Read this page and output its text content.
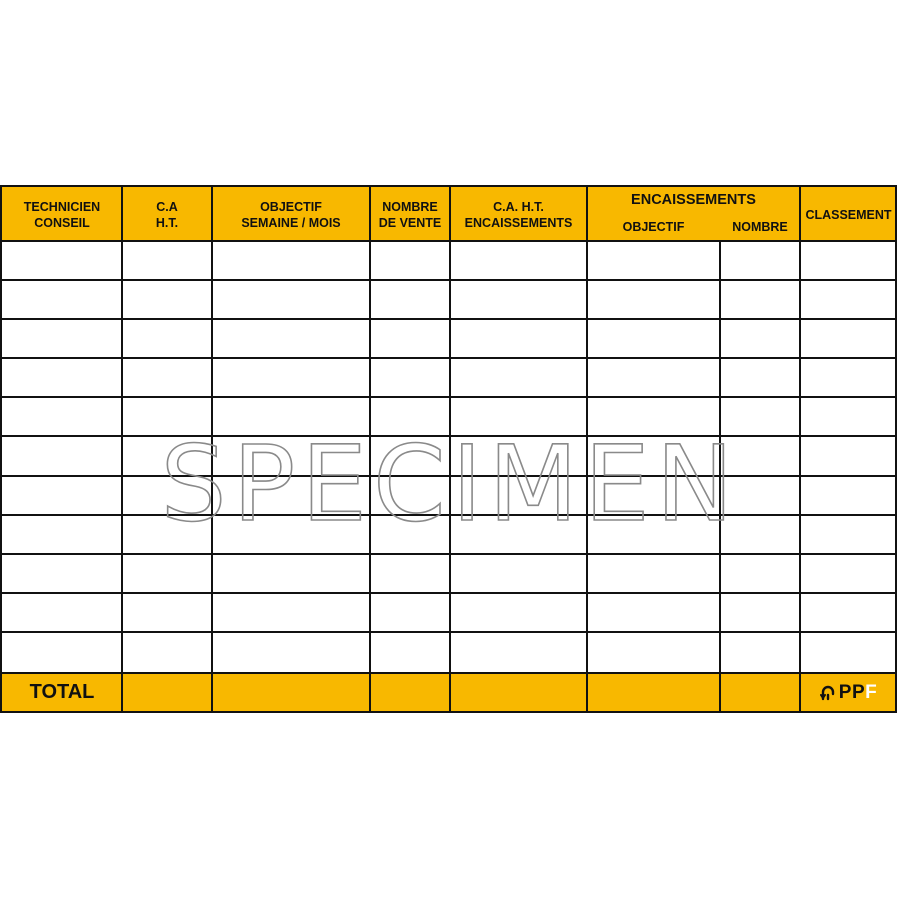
TECHNICIEN
CONSEIL
C.A
H.T.
OBJECTIF
SEMAINE / MOIS
NOMBRE
DE VENTE
C.A. H.T.
ENCAISSEMENTS
ENCAISSEMENTS
OBJECTIF	NOMBRE
CLASSEMENT
TOTAL	PPF
SPECIMEN
